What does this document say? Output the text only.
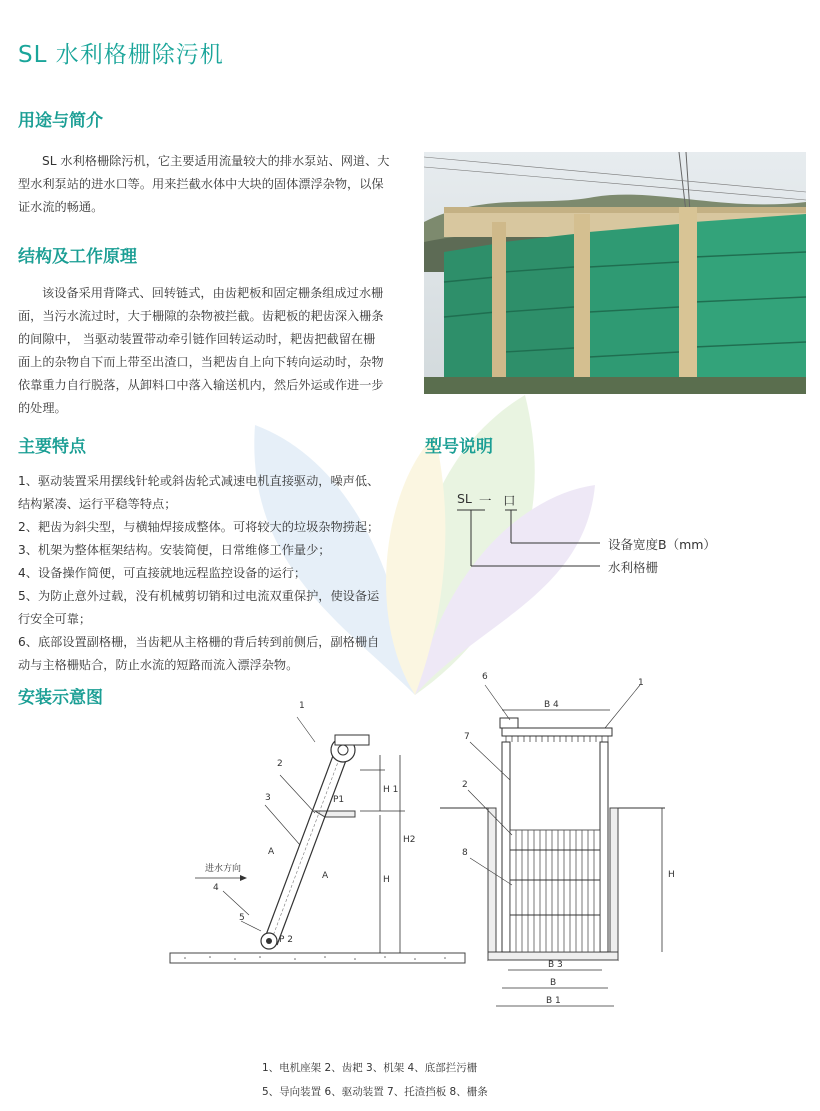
SL 水利格栅除污机
用途与简介
SL 水利格栅除污机，它主要适用流量较大的排水泵站、网道、大
型水利泵站的进水口等。用来拦截水体中大块的固体漂浮杂物，以保
证水流的畅通。
结构及工作原理
该设备采用背降式、回转链式，由齿耙板和固定栅条组成过水栅
面，当污水流过时，大于栅隙的杂物被拦截。齿耙板的耙齿深入栅条
的间隙中， 当驱动装置带动牵引链作回转运动时，耙齿把截留在栅
面上的杂物自下而上带至出渣口，当耙齿自上向下转向运动时，杂物
依靠重力自行脱落，从卸料口中落入输送机内，然后外运或作进一步
的处理。
主要特点

1、驱动装置采用摆线针轮或斜齿轮式减速电机直接驱动，噪声低、

结构紧凑、运行平稳等特点；

2、耙齿为斜尖型，与横轴焊接成整体。可将较大的垃圾杂物捞起；

3、机架为整体框架结构。安装简便，日常维修工作量少；

4、设备操作简便，可直接就地远程监控设备的运行；

5、为防止意外过载，没有机械剪切销和过电流双重保护，使设备运

行安全可靠；

6、底部设置副格栅，当齿耙从主格栅的背后转到前侧后，副格栅自

动与主格栅贴合，防止水流的短路而流入漂浮杂物。

型号说明
SL 一 口
设备宽度B（mm）
水利格栅
安装示意图	1
2
3
4
5
P1
P 2
H 1
H2
H
A
A
进水方向
6
1
7
2
8
B 4
B 3
B
B 1
H

1、电机座架 2、齿耙 3、机架 4、底部拦污栅

5、导向装置 6、驱动装置 7、托渣挡板 8、栅条
